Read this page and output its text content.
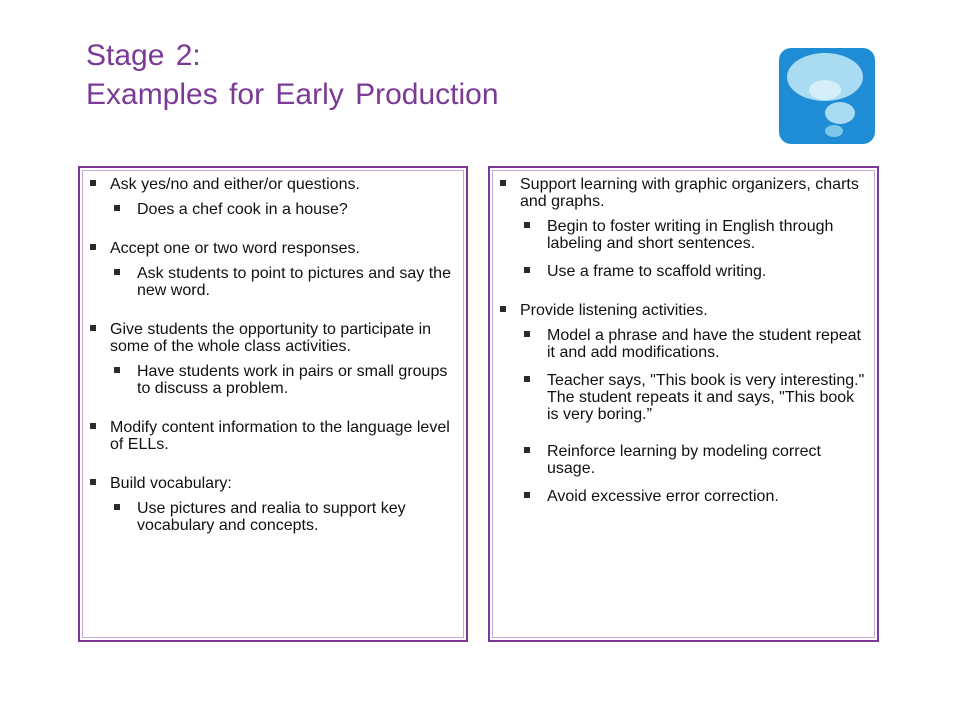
Stage 2:
Examples for Early Production
Ask yes/no and either/or questions.
Does a chef cook in a house?
Accept one or two word responses.
Ask students to point to pictures and say the new word.
Give students the opportunity to participate in some of the whole class activities.
Have students work in pairs or small groups to discuss a problem.
Modify content information to the language level of ELLs.
Build vocabulary:
Use pictures and realia to support key vocabulary and concepts.
Support learning with graphic organizers, charts and graphs.
Begin to foster writing in English through labeling and short sentences.
Use a frame to scaffold writing.
Provide listening activities.
Model a phrase and have the student repeat it and add modifications.
Teacher says, "This book is very interesting." The student repeats it and says, "This book is very boring.”
Reinforce learning by modeling correct usage.
Avoid excessive error correction.
